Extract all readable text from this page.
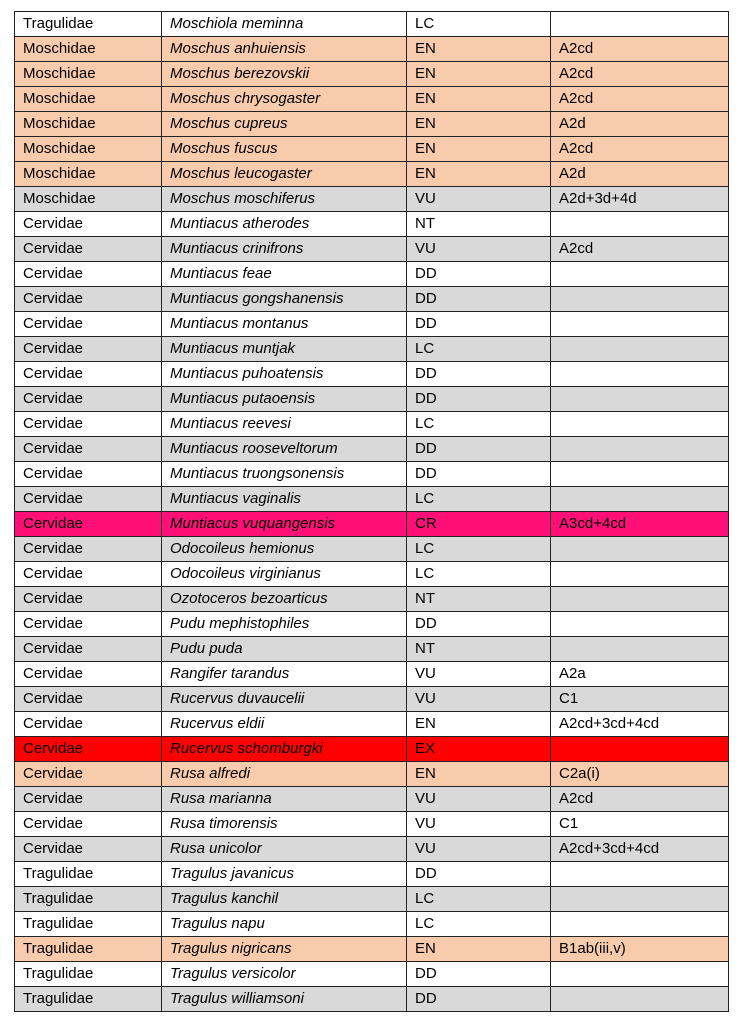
Tragulidae	Moschiola meminna	LC	
Moschidae	Moschus anhuiensis	EN	A2cd
Moschidae	Moschus berezovskii	EN	A2cd
Moschidae	Moschus chrysogaster	EN	A2cd
Moschidae	Moschus cupreus	EN	A2d
Moschidae	Moschus fuscus	EN	A2cd
Moschidae	Moschus leucogaster	EN	A2d
Moschidae	Moschus moschiferus	VU	A2d+3d+4d
Cervidae	Muntiacus atherodes	NT	
Cervidae	Muntiacus crinifrons	VU	A2cd
Cervidae	Muntiacus feae	DD	
Cervidae	Muntiacus gongshanensis	DD	
Cervidae	Muntiacus montanus	DD	
Cervidae	Muntiacus muntjak	LC	
Cervidae	Muntiacus puhoatensis	DD	
Cervidae	Muntiacus putaoensis	DD	
Cervidae	Muntiacus reevesi	LC	
Cervidae	Muntiacus rooseveltorum	DD	
Cervidae	Muntiacus truongsonensis	DD	
Cervidae	Muntiacus vaginalis	LC	
Cervidae	Muntiacus vuquangensis	CR	A3cd+4cd
Cervidae	Odocoileus hemionus	LC	
Cervidae	Odocoileus virginianus	LC	
Cervidae	Ozotoceros bezoarticus	NT	
Cervidae	Pudu mephistophiles	DD	
Cervidae	Pudu puda	NT	
Cervidae	Rangifer tarandus	VU	A2a
Cervidae	Rucervus duvaucelii	VU	C1
Cervidae	Rucervus eldii	EN	A2cd+3cd+4cd
Cervidae	Rucervus schomburgki	EX	
Cervidae	Rusa alfredi	EN	C2a(i)
Cervidae	Rusa marianna	VU	A2cd
Cervidae	Rusa timorensis	VU	C1
Cervidae	Rusa unicolor	VU	A2cd+3cd+4cd
Tragulidae	Tragulus javanicus	DD	
Tragulidae	Tragulus kanchil	LC	
Tragulidae	Tragulus napu	LC	
Tragulidae	Tragulus nigricans	EN	B1ab(iii,v)
Tragulidae	Tragulus versicolor	DD	
Tragulidae	Tragulus williamsoni	DD	
